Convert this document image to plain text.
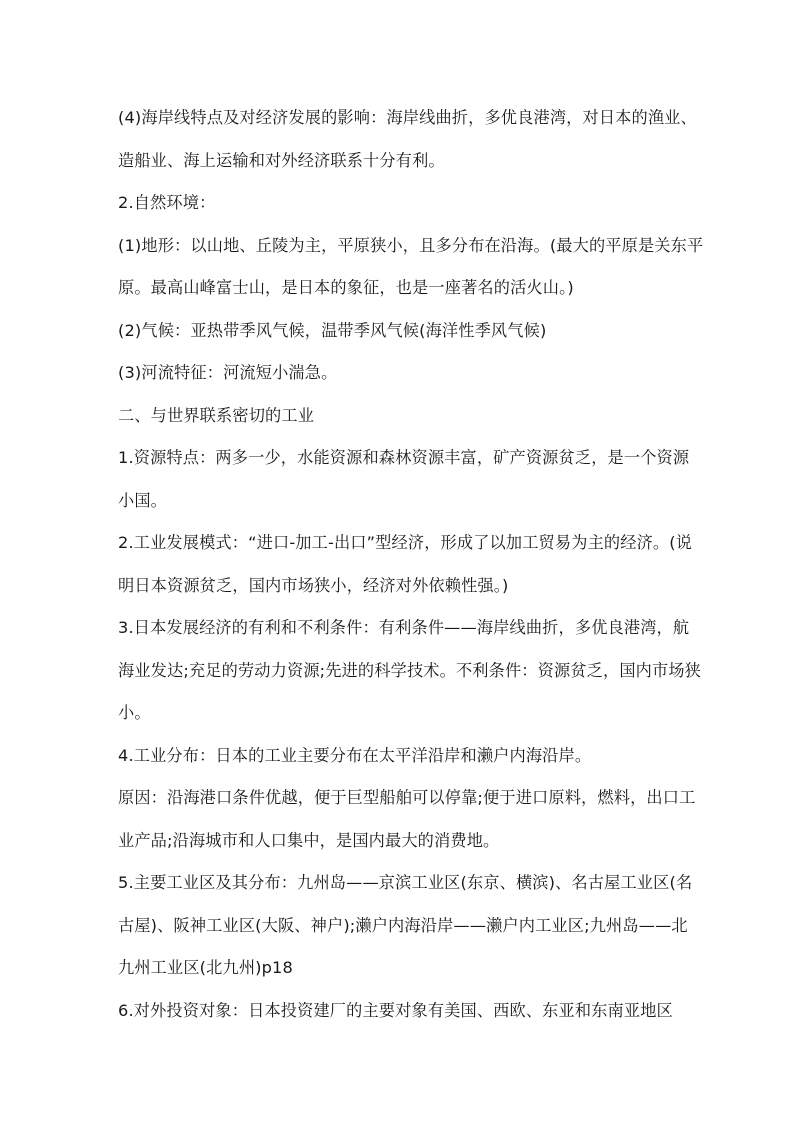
(4)海岸线特点及对经济发展的影响：海岸线曲折，多优良港湾，对日本的渔业、
造船业、海上运输和对外经济联系十分有利。
2.自然环境：
(1)地形：以山地、丘陵为主，平原狭小，且多分布在沿海。(最大的平原是关东平
原。最高山峰富士山，是日本的象征，也是一座著名的活火山。)
(2)气候：亚热带季风气候，温带季风气候(海洋性季风气候)
(3)河流特征：河流短小湍急。
二、与世界联系密切的工业
1.资源特点：两多一少，水能资源和森林资源丰富，矿产资源贫乏，是一个资源
小国。
2.工业发展模式：“进口-加工-出口”型经济，形成了以加工贸易为主的经济。(说
明日本资源贫乏，国内市场狭小，经济对外依赖性强。)
3.日本发展经济的有利和不利条件：有利条件——海岸线曲折，多优良港湾，航
海业发达;充足的劳动力资源;先进的科学技术。不利条件：资源贫乏，国内市场狭
小。
4.工业分布：日本的工业主要分布在太平洋沿岸和濑户内海沿岸。
原因：沿海港口条件优越，便于巨型船舶可以停靠;便于进口原料，燃料，出口工
业产品;沿海城市和人口集中，是国内最大的消费地。
5.主要工业区及其分布：九州岛——京滨工业区(东京、横滨)、名古屋工业区(名
古屋)、阪神工业区(大阪、神户);濑户内海沿岸——濑户内工业区;九州岛——北
九州工业区(北九州)p18
6.对外投资对象：日本投资建厂的主要对象有美国、西欧、东亚和东南亚地区
